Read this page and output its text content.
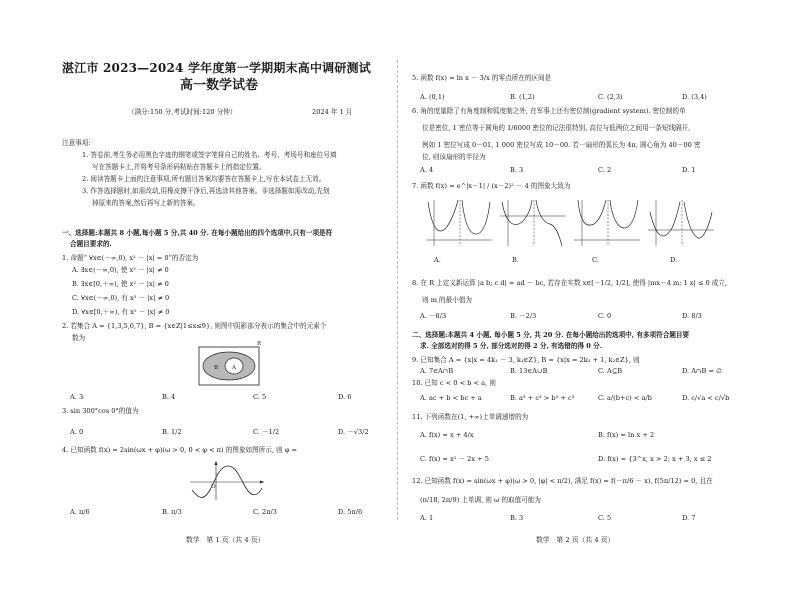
湛江市 2023—2024 学年度第一学期期末高中调研测试
高一数学试卷
（满分:150 分,考试时间:120 分钟）	2024 年 1 月
注意事项:
1. 答卷前,考生务必用黑色字迹的钢笔或签字笔将自己的姓名、考号、考场号和座位号填
写在答题卡上,并将考号条形码粘贴在答题卡上的指定位置。
2. 阅读答题卡上面的注意事项,所有题目答案均要答在答题卡上,写在本试卷上无效。
3. 作答选择题时,如需改动,用橡皮擦干净后,再选涂其他答案。非选择题如需改动,先划
掉原来的答案,然后再写上新的答案。
一、选择题:本题共 8 小题,每小题 5 分,共 40 分. 在每小题给出的四个选项中,只有一项是符
合题目要求的.
1. 命题“ ∀x∈(－∞,0), x² － |x| = 0”的否定为
A. ∃x∈(－∞,0), 使 x² － |x| ≠ 0
B. ∃x∈[0,＋∞), 使 x² － |x| ≠ 0
C. ∀x∈(－∞,0), 有 x² － |x| ≠ 0
D. ∀x∈[0,＋∞), 有 x² － |x| ≠ 0
2. 若集合 A = {1,3,5,6,7}, B = {x∈Z|1≤x≤9}, 则图中阴影部分表示的集合中的元素个
数为
B	A
R
A. 3	B. 4	C. 5	D. 6
3. sin 300°cos 0°的值为
A. 0	B. 1/2	C. －1/2	D. －√3/2
4. 已知函数 f(x) = 2sin(ωx + φ)(ω > 0, 0 < φ < π) 的图象如图所示, 则 φ =
O
A. π/6	B. π/3	C. 2π/3	D. 5π/6
数学　第 1 页（共 4 页）
5. 函数 f(x) = ln x － 3/x 的零点所在的区间是
A. (0,1)	B. (1,2)	C. (2,3)	D. (3,4)
6. 角的度量除了有角度制和弧度制之外, 在军事上还有密位制(gradient system). 密位制的单
位是密位, 1 密位等于圆角的 1/6000 密位的记法很特别, 高位与低两位之间用一条短线隔开,
例如 1 密位写成 0－01, 1 000 密位写成 10－00. 若一扇形的弧长为 4π, 圆心角为 40－00 密
位, 则该扇形的半径为
A. 4	B. 3	C. 2	D. 1
7. 函数 f(x) = e^|x－1| / (x－2)² － 4 的图象大致为
A.	B.	C.	D.
8. 在 R 上定义新运算 |a b; c d| = ad － bc, 若存在实数 x∈[－1/2, 1/2], 使得 |mx－4 m; 1 x| ≤ 0 成立,
则 m 的最小值为
A. －8/3	B. －2/3	C. 0	D. 8/3
二、选择题:本题共 4 小题, 每小题 5 分, 共 20 分. 在每小题给出的选项中, 有多项符合题目要
求. 全部选对的得 5 分, 部分选对的得 2 分, 有选错的得 0 分.
9. 已知集合 A = {x|x = 4k₁ － 3, k₁∈Z}, B = {x|x = 2k₂ + 1, k₂∈Z}, 则
A. 7∈A∩B	B. 13∈A∪B	C. A⊆B	D. A∩B = ∅
10. 已知 c < 0 < b < a, 则
A. ac + b < bc + a	B. a³ + c³ > b³ + c³	C. a/(b+c) < a/b	D. c/√a < c/√b
11. 下列函数在(1, +∞)上单调递增的为
A. f(x) = x + 4/x	B. f(x) = ln x + 2
C. f(x) = x² － 2x + 5	D. f(x) = {3^x, x > 2; x + 3, x ≤ 2
12. 已知函数 f(x) = sin(ωx + φ)(ω > 0, |φ| < π/2), 满足 f(x) = f(－π/6 － x), f(5π/12) = 0, 且在
(π/18, 2π/9) 上单调, 则 ω 的取值可能为
A. 1	B. 3	C. 5	D. 7
数学　第 2 页（共 4 页）
